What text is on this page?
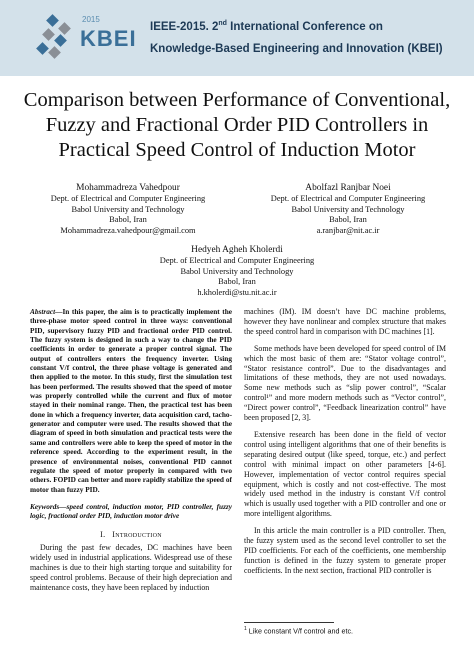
2015
KBEI IEEE-2015. 2nd International Conference on
Knowledge-Based Engineering and Innovation (KBEI)
Comparison between Performance of Conventional,
Fuzzy and Fractional Order PID Controllers in
Practical Speed Control of Induction Motor
Mohammadreza Vahedpour
Dept. of Electrical and Computer Engineering
Babol University and Technology
Babol, Iran
Mohammadreza.vahedpour@gmail.com
Abolfazl Ranjbar Noei
Dept. of Electrical and Computer Engineering
Babol University and Technology
Babol, Iran
a.ranjbar@nit.ac.ir
Hedyeh Agheh Kholerdi
Dept. of Electrical and Computer Engineering
Babol University and Technology
Babol, Iran
h.kholerdi@stu.nit.ac.ir
Abstract—In this paper, the aim is to practically implement the three-phase motor speed control in three ways: conventional PID, supervisory fuzzy PID and fractional order PID control. The fuzzy system is designed in such a way to change the PID coefficients in order to generate a proper control signal. The output of controllers enters the frequency inverter. Using constant V/f control, the three phase voltage is generated and then applied to the motor. In this study, first the simulation test has been performed. The results showed that the speed of motor was properly controlled while the current and flux of motor stayed in their nominal range. Then, the practical test has been done in which a frequency inverter, data acquisition card, tacho-generator and computer were used. The results showed that the diagram of speed in both simulation and practical tests were the same and controllers were able to keep the speed of motor in the reference speed. According to the experiment result, in the presence of environmental noises, conventional PID cannot regulate the speed of motor properly in compared with two others. FOPID can better and more rapidly stabilize the speed of motor than fuzzy PID.
Keywords—speed control, induction motor, PID controller, fuzzy logic, fractional order PID, induction motor drive
I. Introduction
During the past few decades, DC machines have been widely used in industrial applications. Widespread use of these machines is due to their high starting torque and suitability for speed control problems. Because of their high depreciation and maintenance costs, they have been replaced by induction
machines (IM). IM doesn’t have DC machine problems, however they have nonlinear and complex structure that makes the speed control hard in comparison with DC machines [1].
Some methods have been developed for speed control of IM which the most basic of them are: “Stator voltage control”, “Stator resistance control”. Due to the disadvantages and limitations of these methods, they are not used nowadays. Some new methods such as “slip power control”, “Scalar control¹” and more modern methods such as “Vector control”, “Direct power control”, “Feedback linearization control” have been proposed [2, 3].
Extensive research has been done in the field of vector control using intelligent algorithms that one of their benefits is separating desired output (like speed, torque, etc.) and perfect control with minimal impact on other parameters [4-6]. However, implementation of vector control requires special equipment, which is costly and not cost-effective. The most widely used method in the industry is constant V/f control which is usually used together with a PID controller and one or more intelligent algorithms.
In this article the main controller is a PID controller. Then, the fuzzy system used as the second level controller to set the PID coefficients. For each of the coefficients, one membership function is defined in the fuzzy system to generate proper coefficients. In the next section, fractional PID controller is
$^1$ Like constant V/f control and etc.
